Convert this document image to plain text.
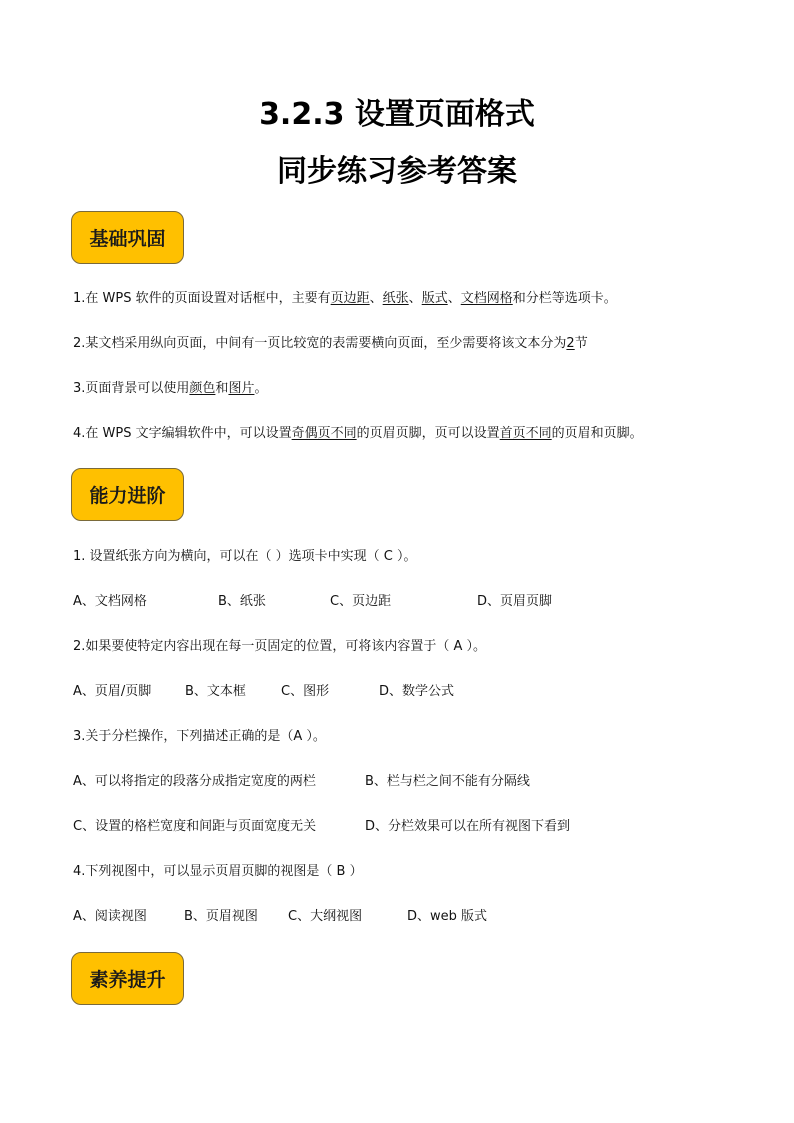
3.2.3 设置页面格式
同步练习参考答案
基础巩固
1.在 WPS 软件的页面设置对话框中，主要有页边距、纸张、版式、文档网格和分栏等选项卡。
2.某文档采用纵向页面，中间有一页比较宽的表需要横向页面，至少需要将该文本分为2节
3.页面背景可以使用颜色和图片。
4.在 WPS 文字编辑软件中，可以设置奇偶页不同的页眉页脚，页可以设置首页不同的页眉和页脚。
能力进阶
1. 设置纸张方向为横向，可以在（ ）选项卡中实现（ C ）。
A、文档网格	B、纸张	C、页边距	D、页眉页脚
2.如果要使特定内容出现在每一页固定的位置，可将该内容置于（ A ）。
A、页眉/页脚	B、文本框	C、图形	D、数学公式
3.关于分栏操作，下列描述正确的是（A ）。
A、可以将指定的段落分成指定宽度的两栏	B、栏与栏之间不能有分隔线
C、设置的格栏宽度和间距与页面宽度无关	D、分栏效果可以在所有视图下看到
4.下列视图中，可以显示页眉页脚的视图是（ B ）
A、阅读视图	B、页眉视图 C、大纲视图	D、web 版式
素养提升
